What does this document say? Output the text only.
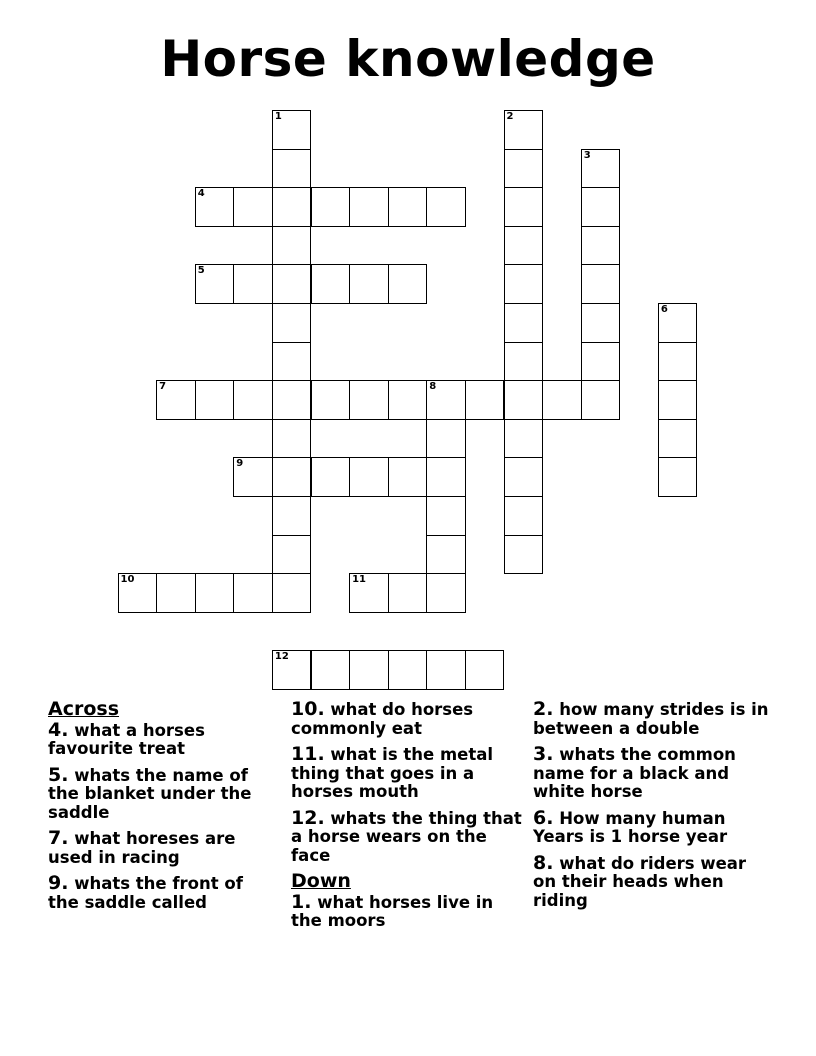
Horse knowledge
1	2
3
4
5
6
7	8
9
10	11
12
Across
4. what a horses favourite treat
5. whats the name of the blanket under the saddle
7. what horeses are used in racing
9. whats the front of the saddle called
10. what do horses commonly eat
11. what is the metal thing that goes in a horses mouth
12. whats the thing that a horse wears on the face
Down
1. what horses live in the moors
2. how many strides is in between a double
3. whats the common name for a black and white horse
6. How many human Years is 1 horse year
8. what do riders wear on their heads when riding
